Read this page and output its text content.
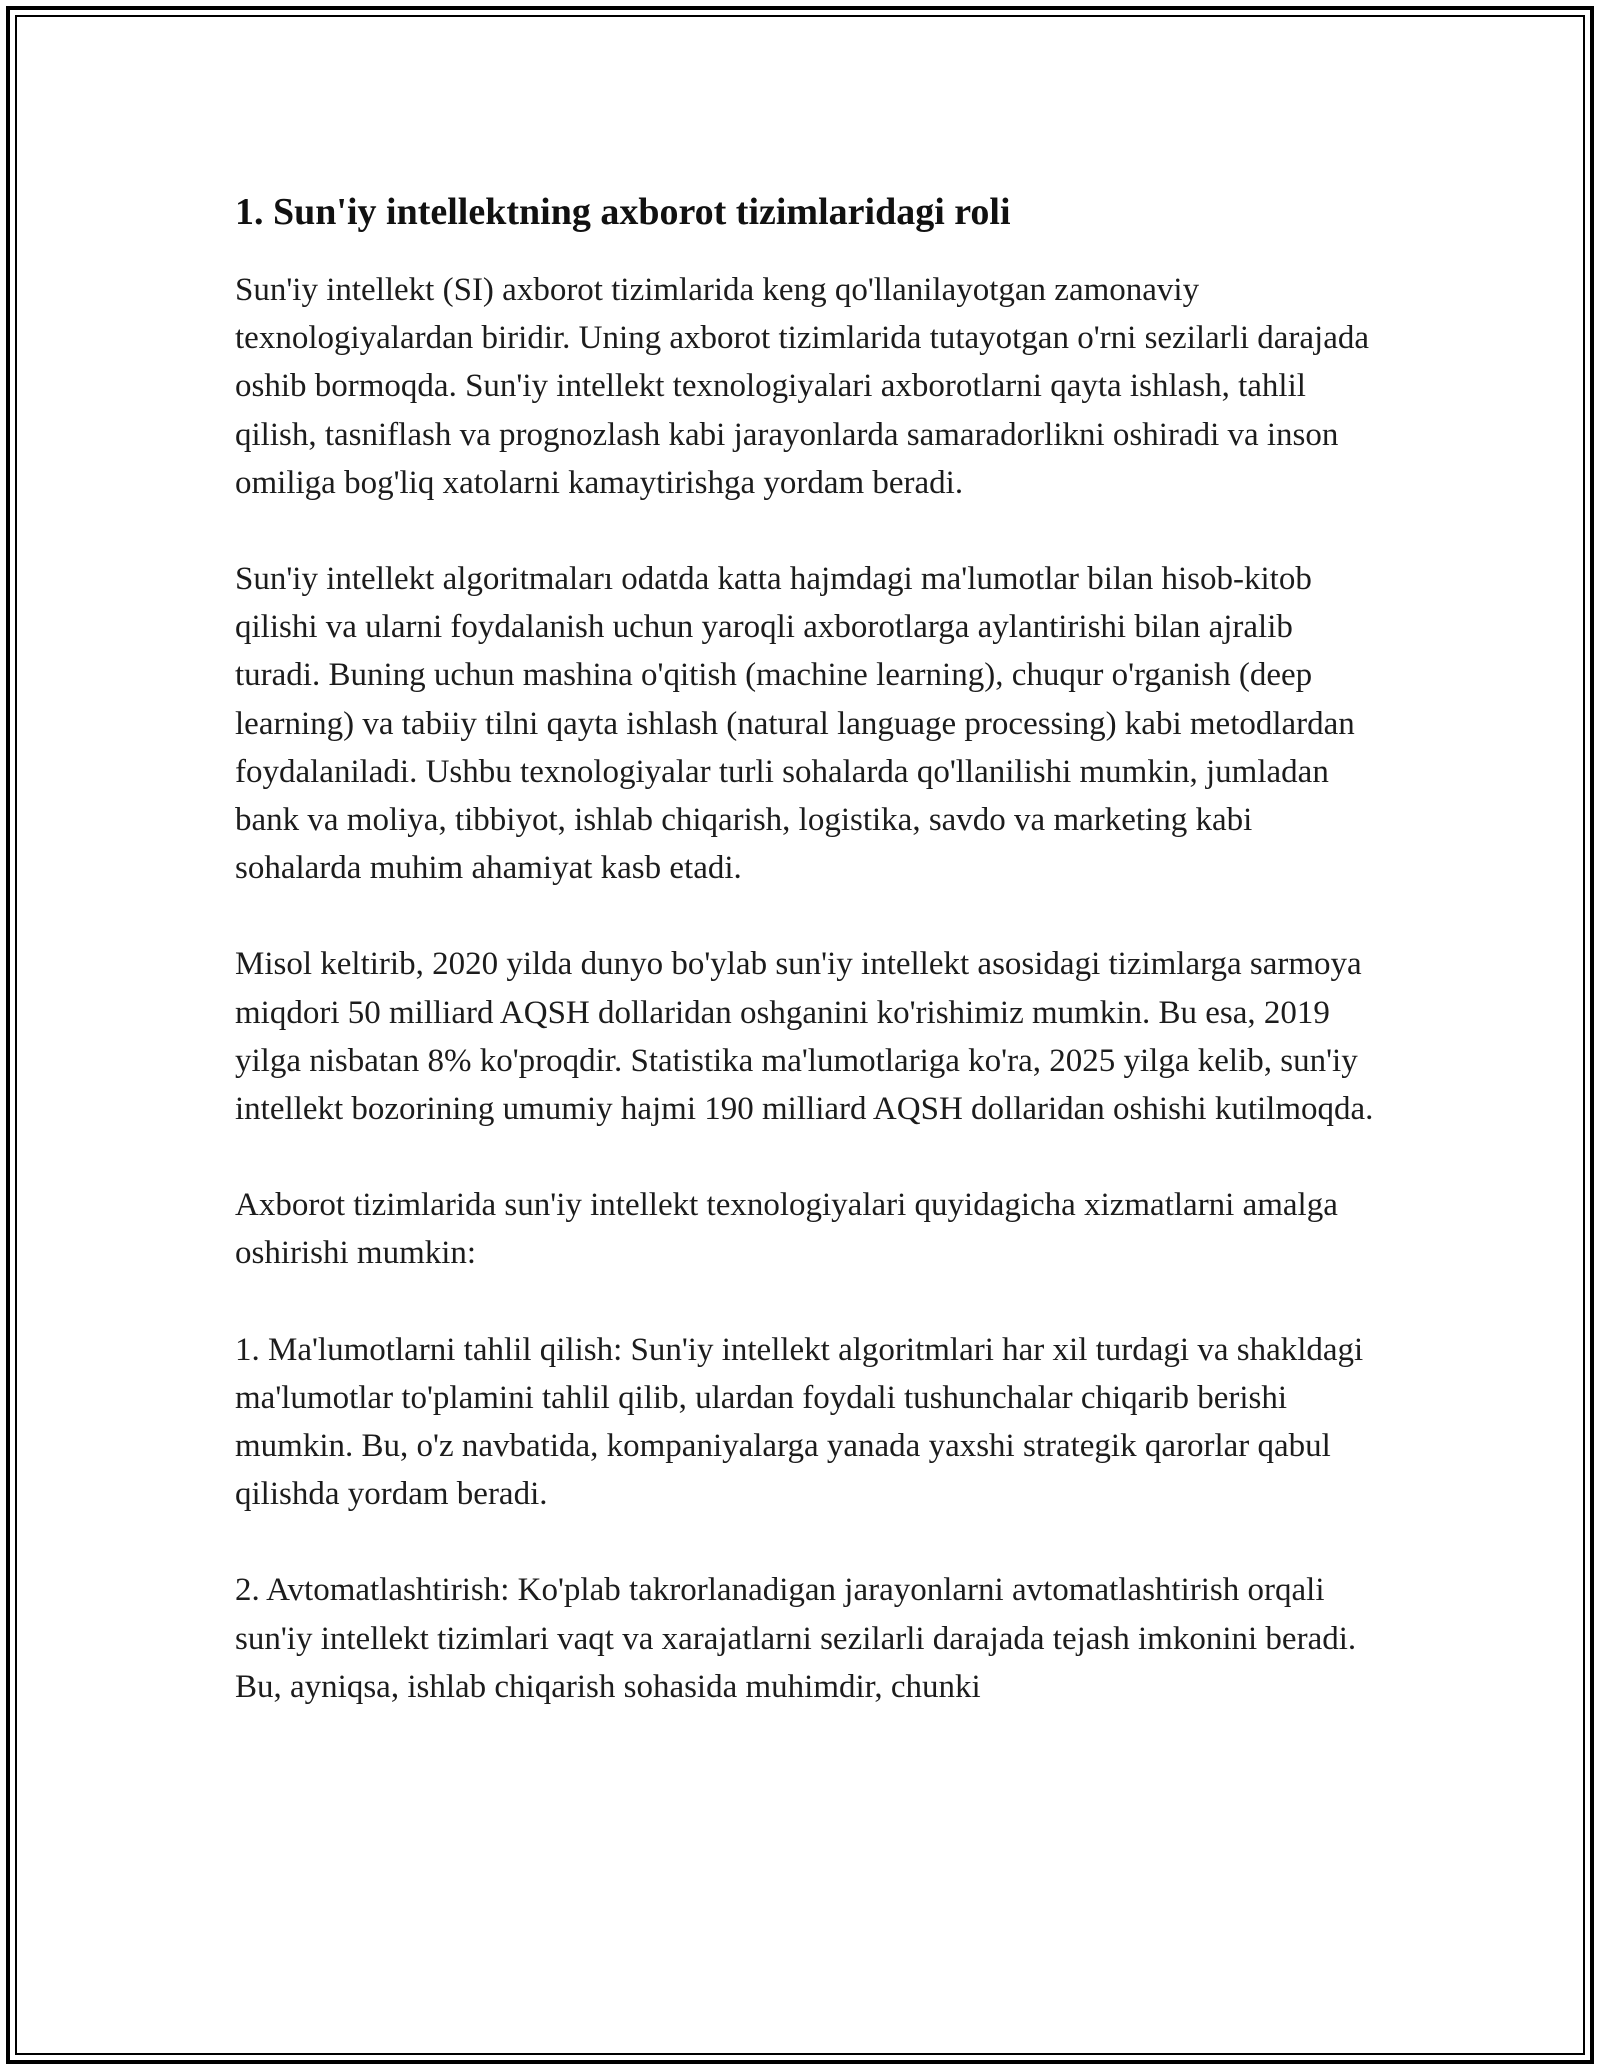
1. Sun'iy intellektning axborot tizimlaridagi roli

Sun'iy intellekt (SI) axborot tizimlarida keng qo'llanilayotgan zamonaviy texnologiyalardan biridir. Uning axborot tizimlarida tutayotgan o'rni sezilarli darajada oshib bormoqda. Sun'iy intellekt texnologiyalari axborotlarni qayta ishlash, tahlil qilish, tasniflash va prognozlash kabi jarayonlarda samaradorlikni oshiradi va inson omiliga bog'liq xatolarni kamaytirishga yordam beradi.

Sun'iy intellekt algoritmaları odatda katta hajmdagi ma'lumotlar bilan hisob-kitob qilishi va ularni foydalanish uchun yaroqli axborotlarga aylantirishi bilan ajralib turadi. Buning uchun mashina o'qitish (machine learning), chuqur o'rganish (deep learning) va tabiiy tilni qayta ishlash (natural language processing) kabi metodlardan foydalaniladi. Ushbu texnologiyalar turli sohalarda qo'llanilishi mumkin, jumladan bank va moliya, tibbiyot, ishlab chiqarish, logistika, savdo va marketing kabi sohalarda muhim ahamiyat kasb etadi.

Misol keltirib, 2020 yilda dunyo bo'ylab sun'iy intellekt asosidagi tizimlarga sarmoya miqdori 50 milliard AQSH dollaridan oshganini ko'rishimiz mumkin. Bu esa, 2019 yilga nisbatan 8% ko'proqdir. Statistika ma'lumotlariga ko'ra, 2025 yilga kelib, sun'iy intellekt bozorining umumiy hajmi 190 milliard AQSH dollaridan oshishi kutilmoqda.

Axborot tizimlarida sun'iy intellekt texnologiyalari quyidagicha xizmatlarni amalga oshirishi mumkin:

1. Ma'lumotlarni tahlil qilish: Sun'iy intellekt algoritmlari har xil turdagi va shakldagi ma'lumotlar to'plamini tahlil qilib, ulardan foydali tushunchalar chiqarib berishi mumkin. Bu, o'z navbatida, kompaniyalarga yanada yaxshi strategik qarorlar qabul qilishda yordam beradi.

2. Avtomatlashtirish: Ko'plab takrorlanadigan jarayonlarni avtomatlashtirish orqali sun'iy intellekt tizimlari vaqt va xarajatlarni sezilarli darajada tejash imkonini beradi. Bu, ayniqsa, ishlab chiqarish sohasida muhimdir, chunki
